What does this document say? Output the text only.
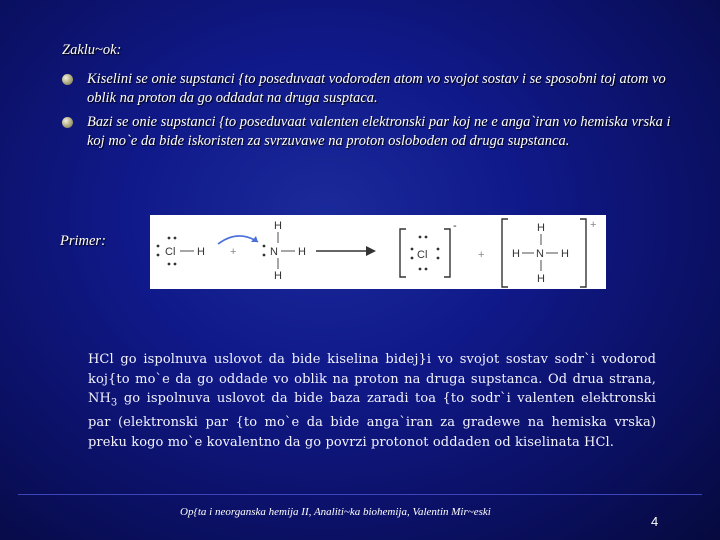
Zaklu~ok:
Kiselini se onie supstanci {to poseduvaat vodoroden atom vo svojot sostav i se sposobni toj atom vo oblik na proton da go oddadat na druga susptaca.
Bazi se onie supstanci {to poseduvaat valenten elektronski par koj ne e anga`iran vo hemiska vrska i koj mo`e da bide iskoristen za svrzuvawe na proton osloboden od druga supstanca.
Primer:
Cl H +	N
H
H
H
Cl
-
+
H
H N H
H
+
HCl go ispolnuva uslovot da bide kiselina bidej}i vo svojot sostav sodr`i vodorod koj{to mo`e da go oddade vo oblik na proton na druga supstanca. Od drua strana, $NH_3$ go ispolnuva uslovot da bide baza zaradi toa {to sodr`i valenten elektronski par (elektronski par {to mo`e da bide anga`iran za gradewe na hemiska vrska) preku kogo mo`e kovalentno da go povrzi protonot oddaden od kiselinata HCl.
Op{ta i neorganska hemija II, Analiti~ka biohemija, Valentin Mir~eski
4
